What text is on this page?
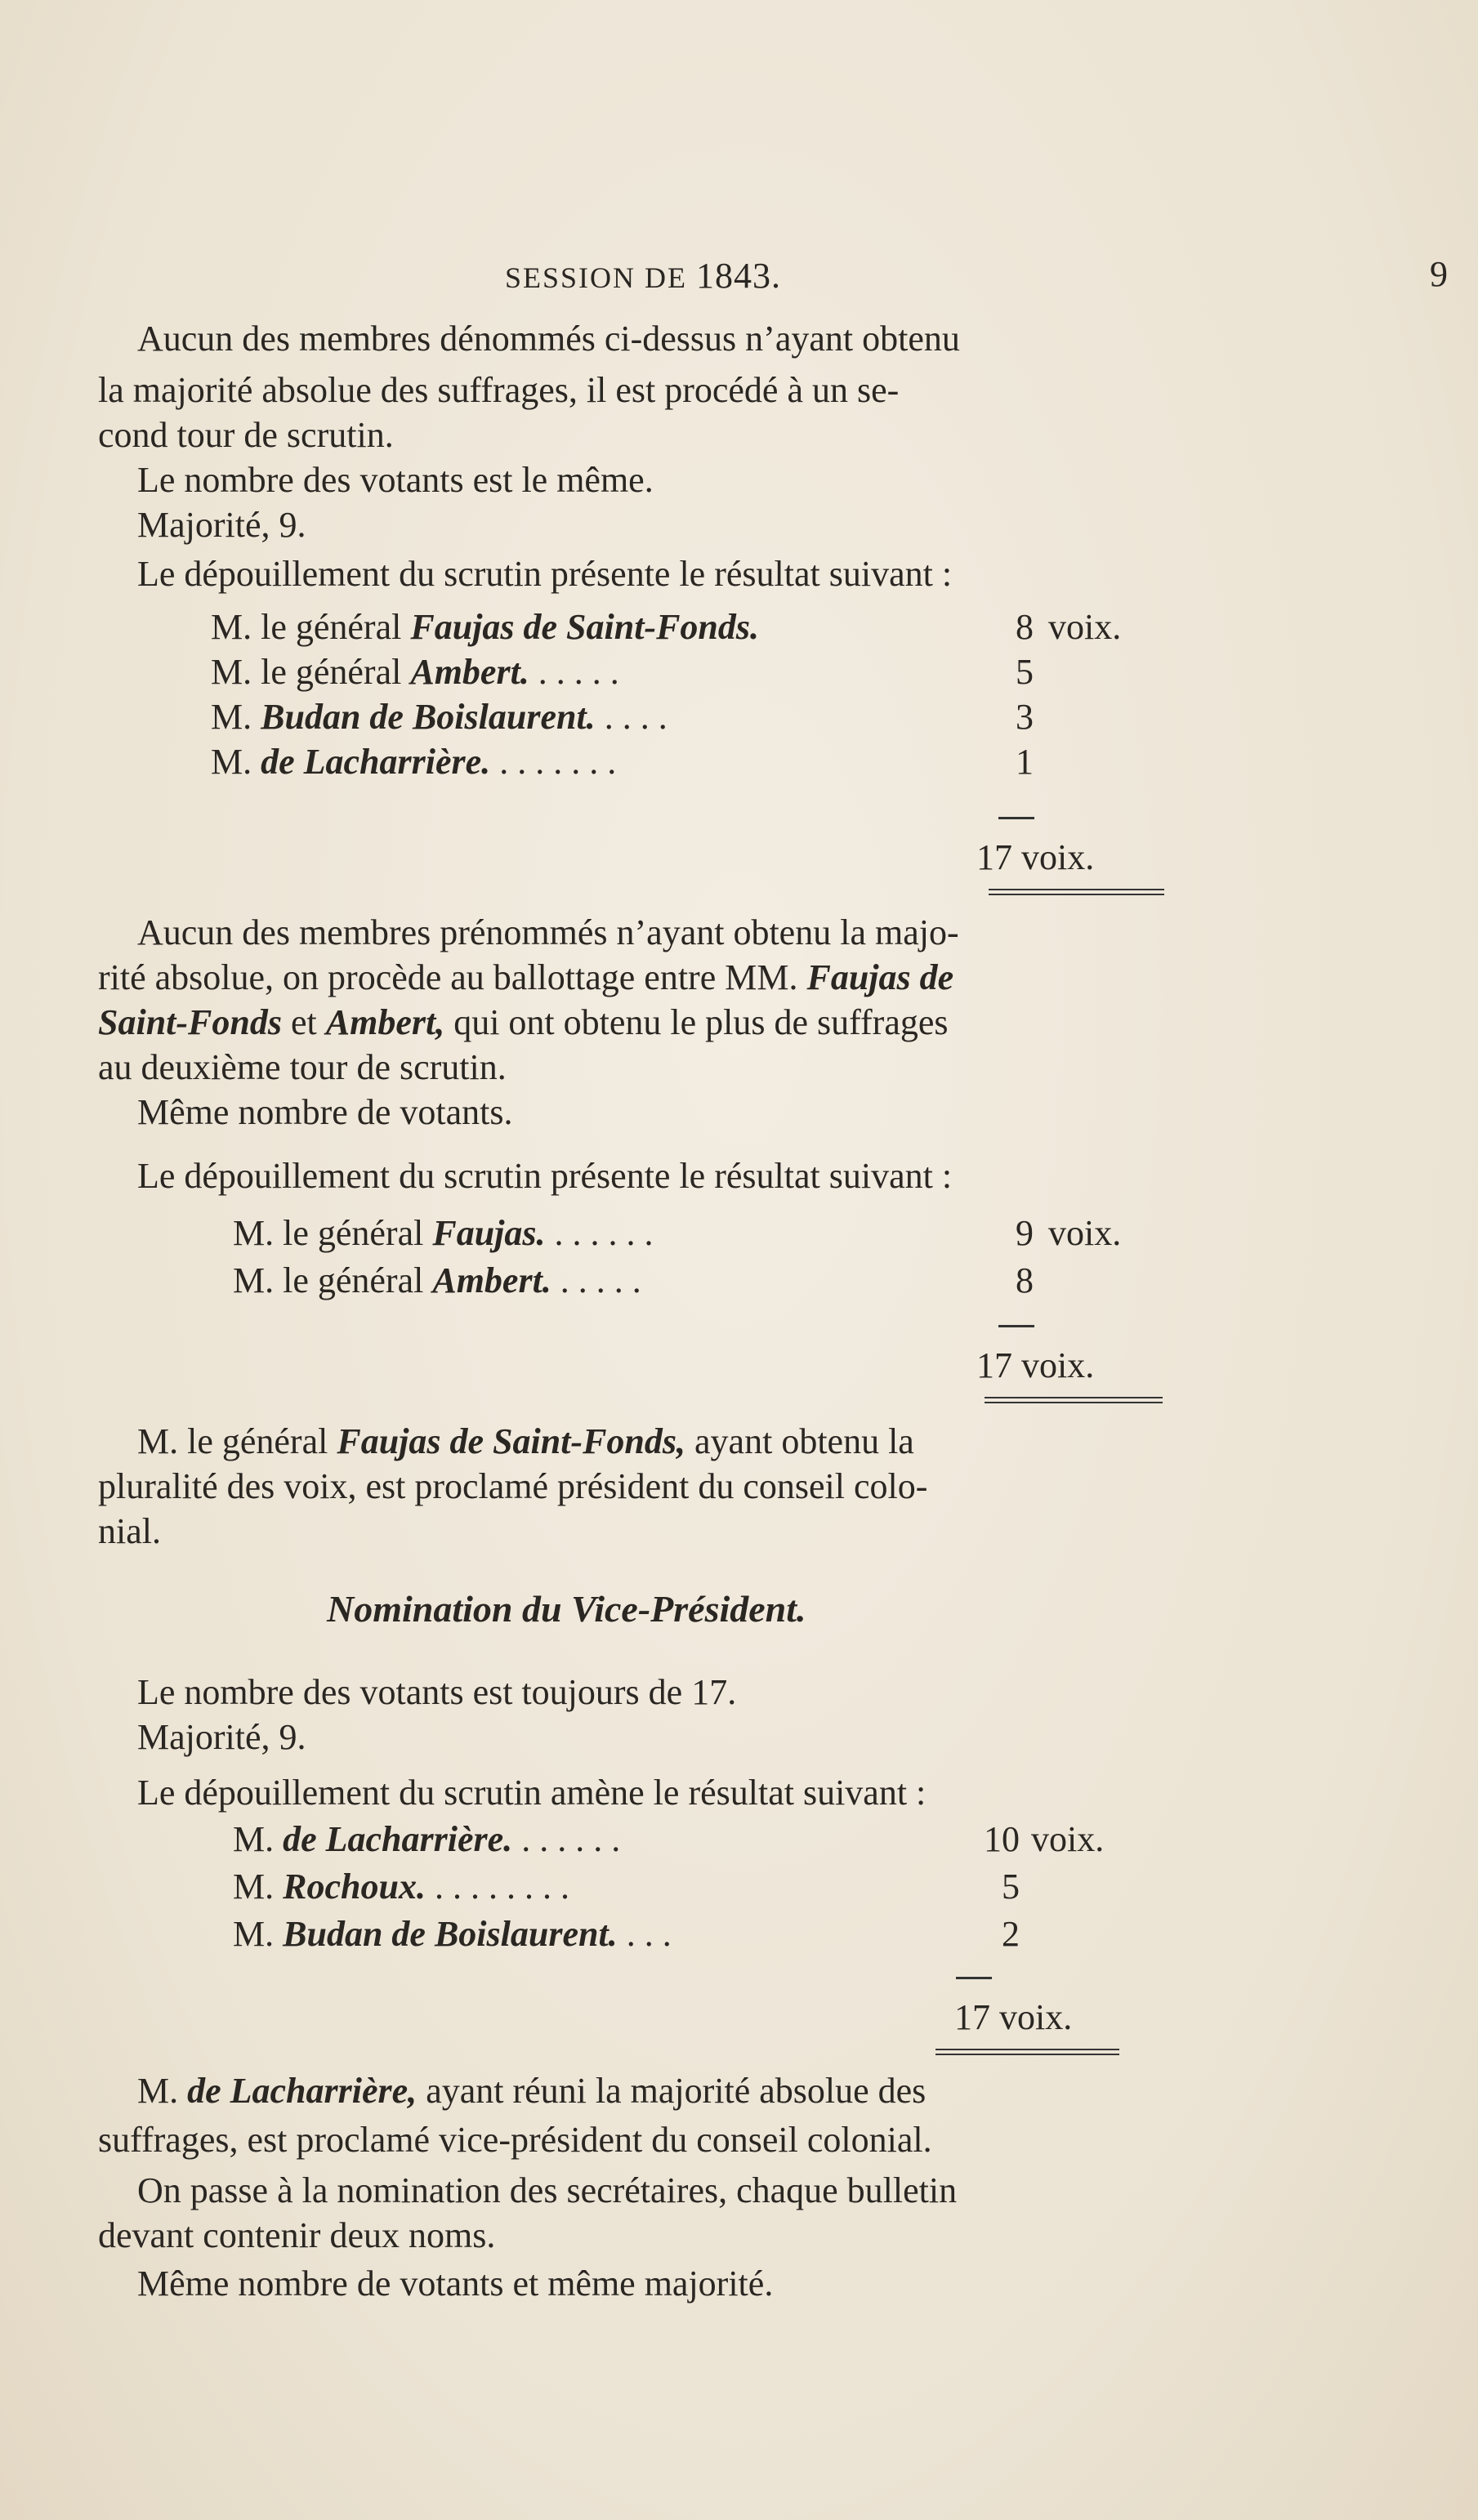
SESSION DE 1843.	9
Aucun des membres dénommés ci-dessus n’ayant obtenu
la majorité absolue des suffrages, il est procédé à un se-
cond tour de scrutin.
Le nombre des votants est le même.
Majorité, 9.
Le dépouillement du scrutin présente le résultat suivant :
M. le général Faujas de Saint-Fonds.	8 voix.
M. le général Ambert. . . . . .	5
M. Budan de Boislaurent. . . . .	3
M. de Lacharrière. . . . . . . .	1
17 voix.
Aucun des membres prénommés n’ayant obtenu la majo-
rité absolue, on procède au ballottage entre MM. Faujas de
Saint-Fonds et Ambert, qui ont obtenu le plus de suffrages
au deuxième tour de scrutin.
Même nombre de votants.
Le dépouillement du scrutin présente le résultat suivant :
M. le général Faujas. . . . . . .	9 voix.
M. le général Ambert. . . . . .	8
17 voix.
M. le général Faujas de Saint-Fonds, ayant obtenu la
pluralité des voix, est proclamé président du conseil colo-
nial.
Nomination du Vice-Président.
Le nombre des votants est toujours de 17.
Majorité, 9.
Le dépouillement du scrutin amène le résultat suivant :
M. de Lacharrière. . . . . . .	10 voix.
M. Rochoux. . . . . . . . .	5
M. Budan de Boislaurent. . . .	2
17 voix.
M. de Lacharrière, ayant réuni la majorité absolue des
suffrages, est proclamé vice-président du conseil colonial.
On passe à la nomination des secrétaires, chaque bulletin
devant contenir deux noms.
Même nombre de votants et même majorité.
